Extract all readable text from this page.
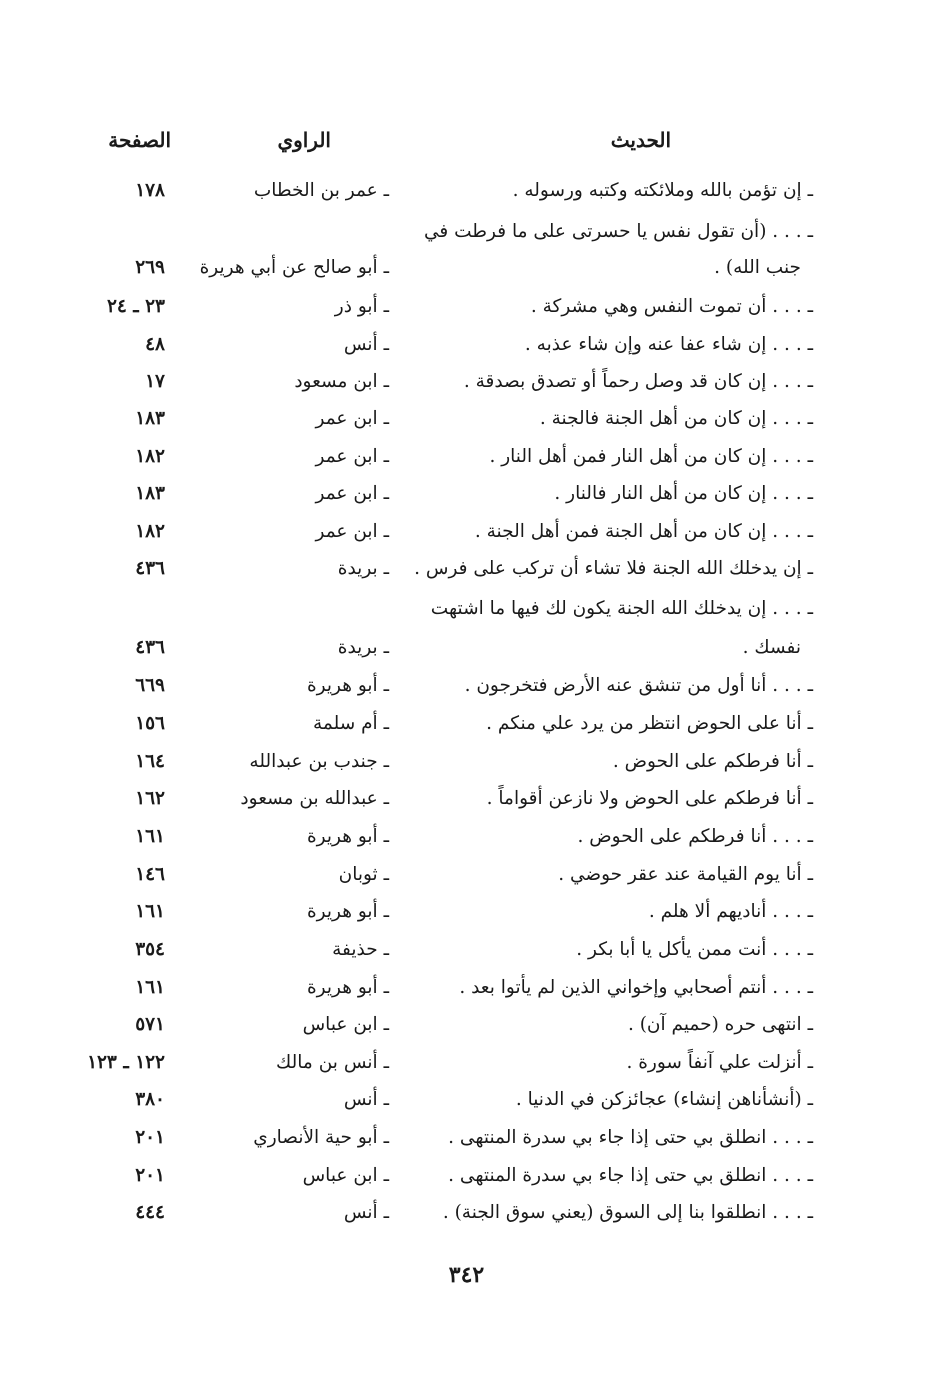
الحديث
الراوي
الصفحة
ـ إن تؤمن بالله وملائكته وكتبه ورسوله .
ـ عمر بن الخطاب
١٧٨
ـ . . . (أن تقول نفس يا حسرتى على ما فرطت في
جنب الله) .
ـ أبو صالح عن أبي هريرة
٢٦٩
ـ . . . أن تموت النفس وهي مشركة .
ـ أبو ذر
٢٣ ـ ٢٤
ـ . . . إن شاء عفا عنه وإن شاء عذبه .
ـ أنس
٤٨
ـ . . . إن كان قد وصل رحماً أو تصدق بصدقة .
ـ ابن مسعود
١٧
ـ . . . إن كان من أهل الجنة فالجنة .
ـ ابن عمر
١٨٣
ـ . . . إن كان من أهل النار فمن أهل النار .
ـ ابن عمر
١٨٢
ـ . . . إن كان من أهل النار فالنار .
ـ ابن عمر
١٨٣
ـ . . . إن كان من أهل الجنة فمن أهل الجنة .
ـ ابن عمر
١٨٢
ـ إن يدخلك الله الجنة فلا تشاء أن تركب على فرس .
ـ بريدة
٤٣٦
ـ . . . إن يدخلك الله الجنة يكون لك فيها ما اشتهت
نفسك .
ـ بريدة
٤٣٦
ـ . . . أنا أول من تنشق عنه الأرض فتخرجون .
ـ أبو هريرة
٦٦٩
ـ أنا على الحوض انتظر من يرد علي منكم .
ـ أم سلمة
١٥٦
ـ أنا فرطكم على الحوض .
ـ جندب بن عبدالله
١٦٤
ـ أنا فرطكم على الحوض ولا نازعن أقواماً .
ـ عبدالله بن مسعود
١٦٢
ـ . . . أنا فرطكم على الحوض .
ـ أبو هريرة
١٦١
ـ أنا يوم القيامة عند عقر حوضي .
ـ ثوبان
١٤٦
ـ . . . أناديهم ألا هلم .
ـ أبو هريرة
١٦١
ـ . . . أنت ممن يأكل يا أبا بكر .
ـ حذيفة
٣٥٤
ـ . . . أنتم أصحابي وإخواني الذين لم يأتوا بعد .
ـ أبو هريرة
١٦١
ـ انتهى حره (حميم آن) .
ـ ابن عباس
٥٧١
ـ أنزلت علي آنفاً سورة .
ـ أنس بن مالك
١٢٢ ـ ١٢٣
ـ (أنشأناهن إنشاء) عجائزكن في الدنيا .
ـ أنس
٣٨٠
ـ . . . انطلق بي حتى إذا جاء بي سدرة المنتهى .
ـ أبو حية الأنصاري
٢٠١
ـ . . . انطلق بي حتى إذا جاء بي سدرة المنتهى .
ـ ابن عباس
٢٠١
ـ . . . انطلقوا بنا إلى السوق (يعني سوق الجنة) .
ـ أنس
٤٤٤
٣٤٢
